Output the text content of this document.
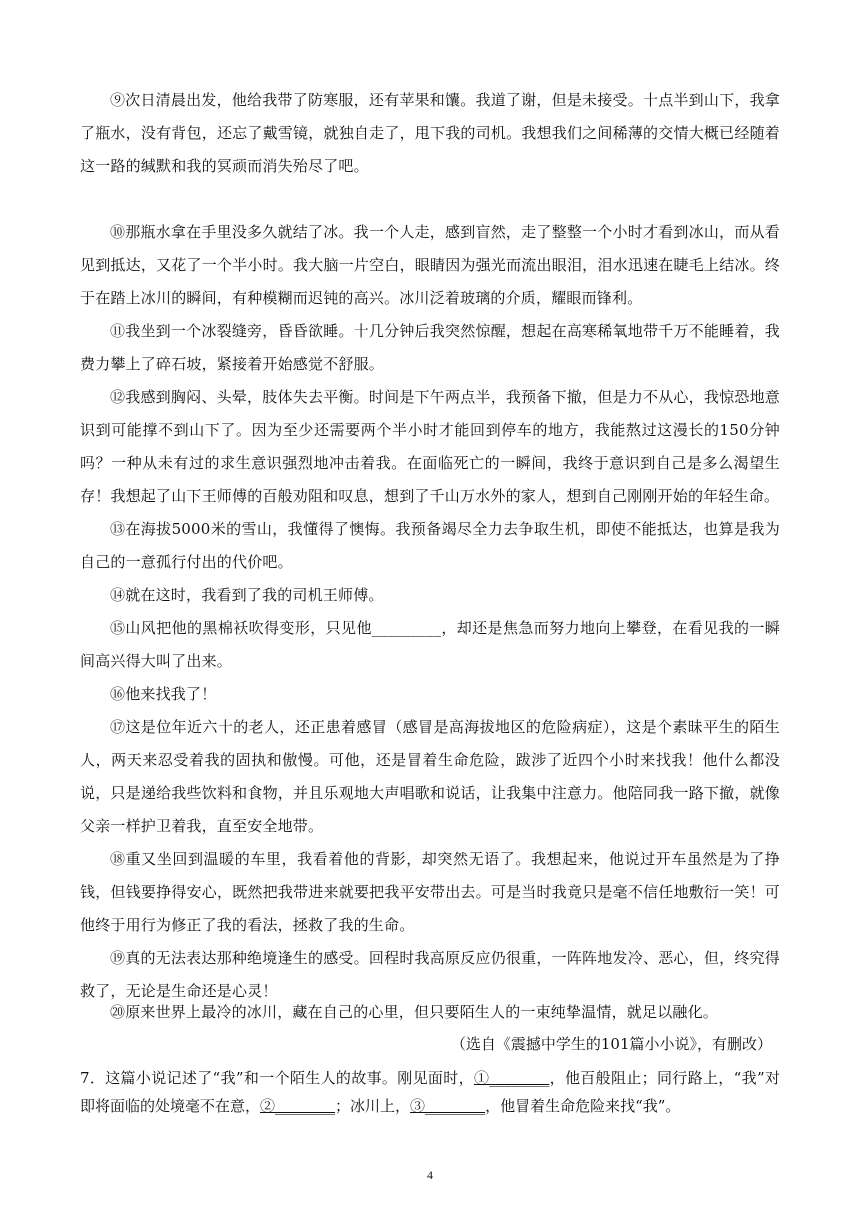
⑨次日清晨出发，他给我带了防寒服，还有苹果和馕。我道了谢，但是未接受。十点半到山下，我拿了瓶水，没有背包，还忘了戴雪镜，就独自走了，甩下我的司机。我想我们之间稀薄的交情大概已经随着这一路的缄默和我的冥顽而消失殆尽了吧。

⑩那瓶水拿在手里没多久就结了冰。我一个人走，感到盲然，走了整整一个小时才看到冰山，而从看见到抵达，又花了一个半小时。我大脑一片空白，眼睛因为强光而流出眼泪，泪水迅速在睫毛上结冰。终于在踏上冰川的瞬间，有种模糊而迟钝的高兴。冰川泛着玻璃的介质，耀眼而锋利。

⑪我坐到一个冰裂缝旁，昏昏欲睡。十几分钟后我突然惊醒，想起在高寒稀氧地带千万不能睡着，我费力攀上了碎石坡，紧接着开始感觉不舒服。

⑫我感到胸闷、头晕，肢体失去平衡。时间是下午两点半，我预备下撤，但是力不从心，我惊恐地意识到可能撑不到山下了。因为至少还需要两个半小时才能回到停车的地方，我能熬过这漫长的150分钟吗？一种从未有过的求生意识强烈地冲击着我。在面临死亡的一瞬间，我终于意识到自己是多么渴望生存！我想起了山下王师傅的百般劝阻和叹息，想到了千山万水外的家人，想到自己刚刚开始的年轻生命。

⑬在海拔5000米的雪山，我懂得了懊悔。我预备竭尽全力去争取生机，即使不能抵达，也算是我为自己的一意孤行付出的代价吧。

⑭就在这时，我看到了我的司机王师傅。

⑮山风把他的黑棉袄吹得变形，只见他_________，却还是焦急而努力地向上攀登，在看见我的一瞬间高兴得大叫了出来。

⑯他来找我了！

⑰这是位年近六十的老人，还正患着感冒（感冒是高海拔地区的危险病症），这是个素昧平生的陌生人，两天来忍受着我的固执和傲慢。可他，还是冒着生命危险，跋涉了近四个小时来找我！他什么都没说，只是递给我些饮料和食物，并且乐观地大声唱歌和说话，让我集中注意力。他陪同我一路下撤，就像父亲一样护卫着我，直至安全地带。

⑱重又坐回到温暖的车里，我看着他的背影，却突然无语了。我想起来，他说过开车虽然是为了挣钱，但钱要挣得安心，既然把我带进来就要把我平安带出去。可是当时我竟只是毫不信任地敷衍一笑！可他终于用行为修正了我的看法，拯救了我的生命。

⑲真的无法表达那种绝境逢生的感受。回程时我高原反应仍很重，一阵阵地发冷、恶心，但，终究得救了，无论是生命还是心灵！

⑳原来世界上最冷的冰川，藏在自己的心里，但只要陌生人的一束纯挚温情，就足以融化。

（选自《震撼中学生的101篇小小说》，有删改）

7．这篇小说记述了“我”和一个陌生人的故事。刚见面时，①________，他百般阻止；同行路上，“我”对即将面临的处境毫不在意，②________；冰川上，③________，他冒着生命危险来找“我”。

4
